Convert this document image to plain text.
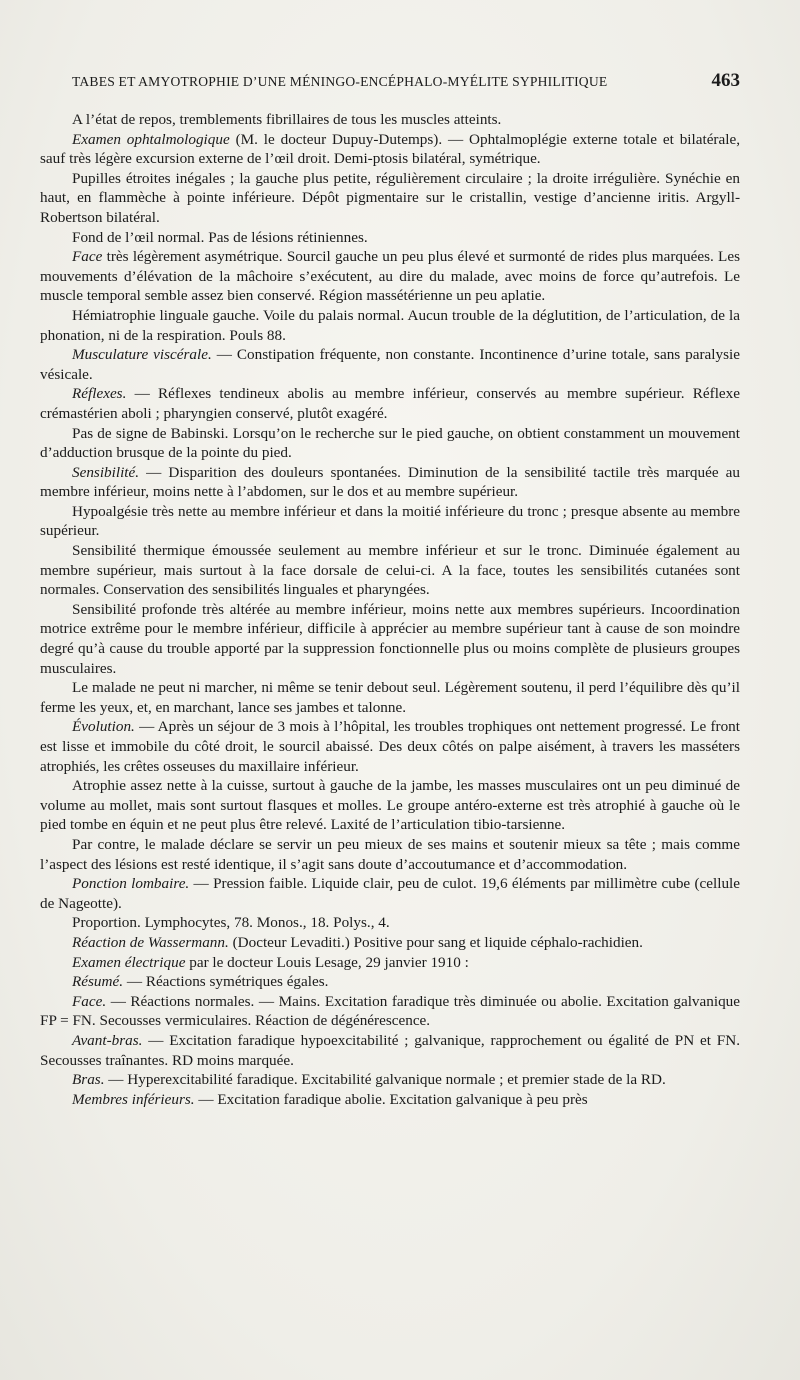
TABES ET AMYOTROPHIE D’UNE MÉNINGO-ENCÉPHALO-MYÉLITE SYPHILITIQUE	463

A l’état de repos, tremblements fibrillaires de tous les muscles atteints.

Examen ophtalmologique (M. le docteur Dupuy-Dutemps). — Ophtalmoplégie externe totale et bilatérale, sauf très légère excursion externe de l’œil droit. Demi-ptosis bilatéral, symétrique.

Pupilles étroites inégales ; la gauche plus petite, régulièrement circulaire ; la droite irrégulière. Synéchie en haut, en flammèche à pointe inférieure. Dépôt pigmentaire sur le cristallin, vestige d’ancienne iritis. Argyll-Robertson bilatéral.

Fond de l’œil normal. Pas de lésions rétiniennes.

Face très légèrement asymétrique. Sourcil gauche un peu plus élevé et surmonté de rides plus marquées. Les mouvements d’élévation de la mâchoire s’exécutent, au dire du malade, avec moins de force qu’autrefois. Le muscle temporal semble assez bien conservé. Région massétérienne un peu aplatie.

Hémiatrophie linguale gauche. Voile du palais normal. Aucun trouble de la déglutition, de l’articulation, de la phonation, ni de la respiration. Pouls 88.

Musculature viscérale. — Constipation fréquente, non constante. Incontinence d’urine totale, sans paralysie vésicale.

Réflexes. — Réflexes tendineux abolis au membre inférieur, conservés au membre supérieur. Réflexe crémastérien aboli ; pharyngien conservé, plutôt exagéré.

Pas de signe de Babinski. Lorsqu’on le recherche sur le pied gauche, on obtient constamment un mouvement d’adduction brusque de la pointe du pied.

Sensibilité. — Disparition des douleurs spontanées. Diminution de la sensibilité tactile très marquée au membre inférieur, moins nette à l’abdomen, sur le dos et au membre supérieur.

Hypoalgésie très nette au membre inférieur et dans la moitié inférieure du tronc ; presque absente au membre supérieur.

Sensibilité thermique émoussée seulement au membre inférieur et sur le tronc. Diminuée également au membre supérieur, mais surtout à la face dorsale de celui-ci. A la face, toutes les sensibilités cutanées sont normales. Conservation des sensibilités linguales et pharyngées.

Sensibilité profonde très altérée au membre inférieur, moins nette aux membres supérieurs. Incoordination motrice extrême pour le membre inférieur, difficile à apprécier au membre supérieur tant à cause de son moindre degré qu’à cause du trouble apporté par la suppression fonctionnelle plus ou moins complète de plusieurs groupes musculaires.

Le malade ne peut ni marcher, ni même se tenir debout seul. Légèrement soutenu, il perd l’équilibre dès qu’il ferme les yeux, et, en marchant, lance ses jambes et talonne.

Évolution. — Après un séjour de 3 mois à l’hôpital, les troubles trophiques ont nettement progressé. Le front est lisse et immobile du côté droit, le sourcil abaissé. Des deux côtés on palpe aisément, à travers les masséters atrophiés, les crêtes osseuses du maxillaire inférieur.

Atrophie assez nette à la cuisse, surtout à gauche de la jambe, les masses musculaires ont un peu diminué de volume au mollet, mais sont surtout flasques et molles. Le groupe antéro-externe est très atrophié à gauche où le pied tombe en équin et ne peut plus être relevé. Laxité de l’articulation tibio-tarsienne.

Par contre, le malade déclare se servir un peu mieux de ses mains et soutenir mieux sa tête ; mais comme l’aspect des lésions est resté identique, il s’agit sans doute d’accoutumance et d’accommodation.

Ponction lombaire. — Pression faible. Liquide clair, peu de culot. 19,6 éléments par millimètre cube (cellule de Nageotte).

Proportion. Lymphocytes, 78. Monos., 18. Polys., 4.

Réaction de Wassermann. (Docteur Levaditi.) Positive pour sang et liquide céphalo-rachidien.

Examen électrique par le docteur Louis Lesage, 29 janvier 1910 :

Résumé. — Réactions symétriques égales.

Face. — Réactions normales. — Mains. Excitation faradique très diminuée ou abolie. Excitation galvanique FP = FN. Secousses vermiculaires. Réaction de dégénérescence.

Avant-bras. — Excitation faradique hypoexcitabilité ; galvanique, rapprochement ou égalité de PN et FN. Secousses traînantes. RD moins marquée.

Bras. — Hyperexcitabilité faradique. Excitabilité galvanique normale ; et premier stade de la RD.

Membres inférieurs. — Excitation faradique abolie. Excitation galvanique à peu près
